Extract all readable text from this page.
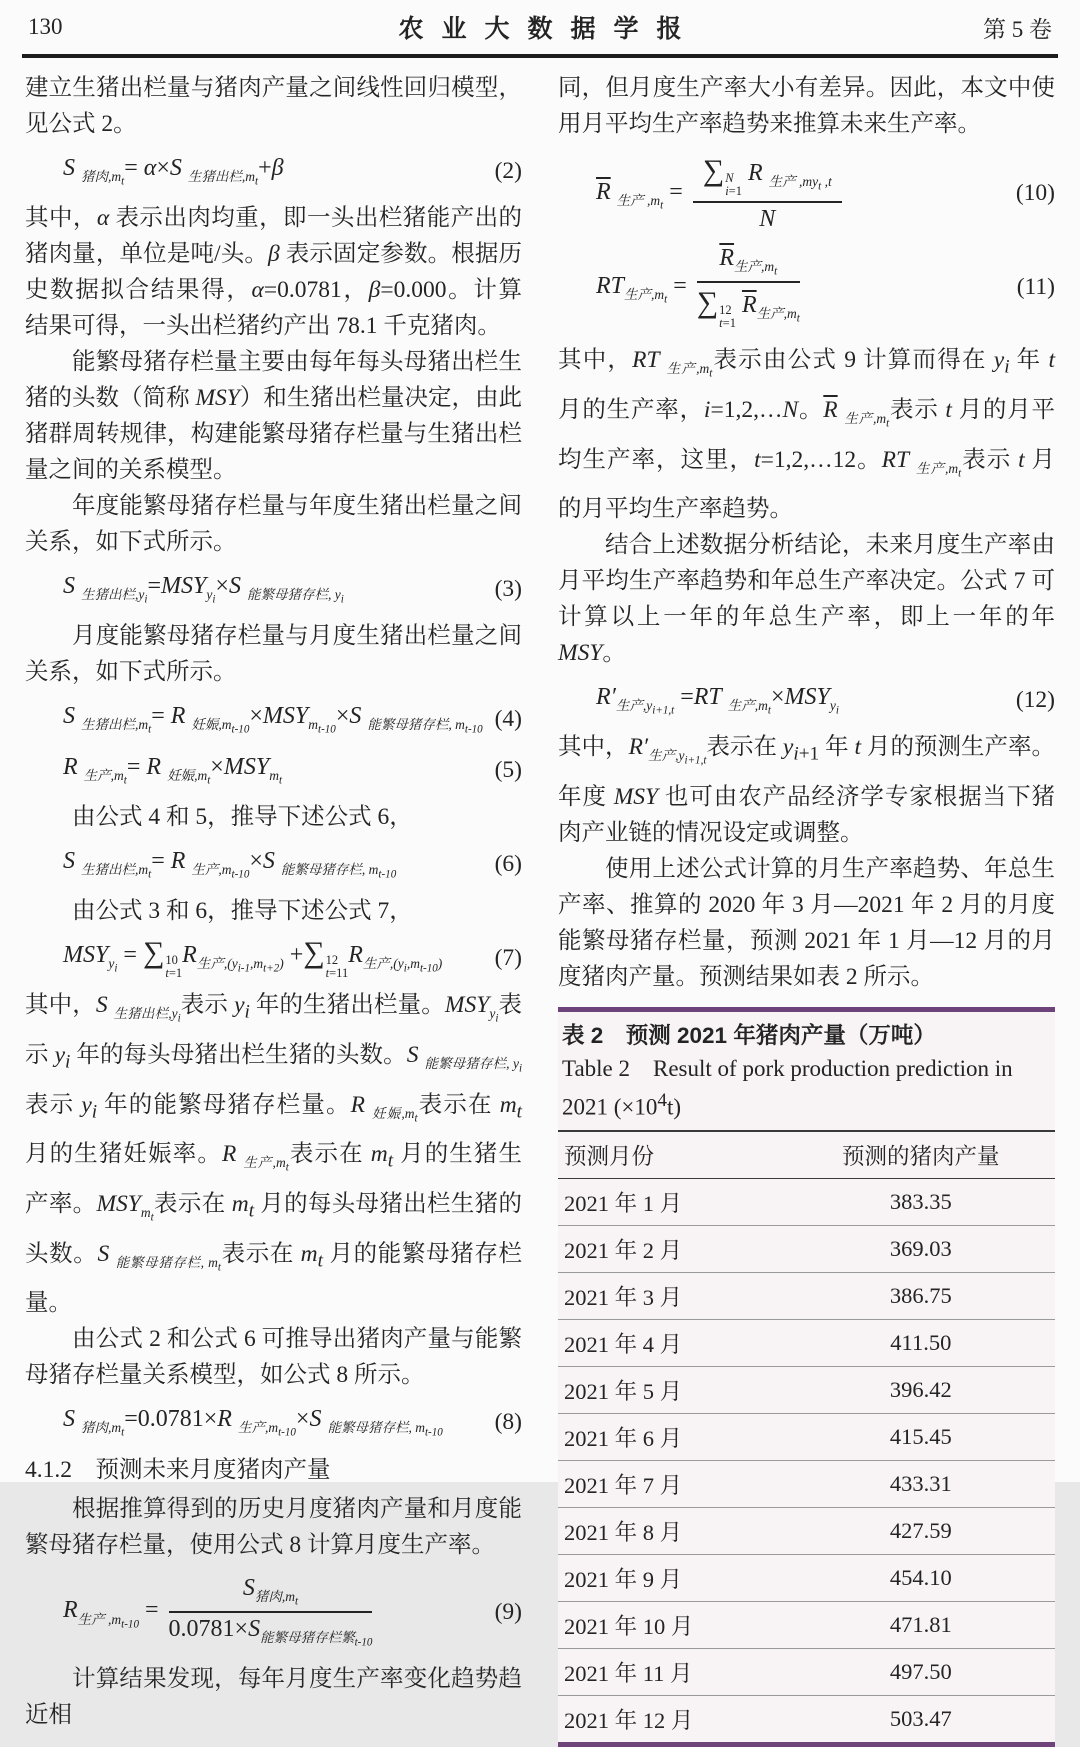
130	农业大数据学报	第 5 卷

建立生猪出栏量与猪肉产量之间线性回归模型，见公式 2。

S $_{猪肉,m_t}$= α×S $_{生猪出栏,m_t}$+β	(2)

其中，α 表示出肉均重，即一头出栏猪能产出的猪肉量，单位是吨/头。β 表示固定参数。根据历史数据拟合结果得，α=0.0781，β=0.000。计算结果可得，一头出栏猪约产出 78.1 千克猪肉。

能繁母猪存栏量主要由每年每头母猪出栏生猪的头数（简称 MSY）和生猪出栏量决定，由此猪群周转规律，构建能繁母猪存栏量与生猪出栏量之间的关系模型。

年度能繁母猪存栏量与年度生猪出栏量之间关系，如下式所示。

S $_{生猪出栏,y_i}=MSY_{y_i}\times S$ $_{能繁母猪存栏, y_i}$	(3)

月度能繁母猪存栏量与月度生猪出栏量之间关系，如下式所示。

S $_{生猪出栏,m_t}$= R $_{妊娠,m_{t-10}}\times MSY_{m_{t-10}}\times S$ $_{能繁母猪存栏, m_{t-10}}$ (4)
R $_{生产,m_t}$= R $_{妊娠,m_t}\times MSY_{m_t}$	(5)

由公式 4 和 5，推导下述公式 6，

S $_{生猪出栏,m_t}$= R $_{生产,m_{t-10}}$×S $_{能繁母猪存栏, m_{t-10}}$	(6)

由公式 3 和 6，推导下述公式 7，

$MSY_{y_i}$ = ∑ 10
t=1
$R_{生产,(y_{i-1},m_{t+2})}$ +∑ 12
t=11
$R_{生产,(y_i,m_{t-10})}$	(7)

其中，S $_{生猪出栏,y_i}$表示 $y_i$ 年的生猪出栏量。$MSY_{y_i}$表示 $y_i$ 年的每头母猪出栏生猪的头数。S $_{能繁母猪存栏, y_i}$表示 $y_i$ 年的能繁母猪存栏量。R $_{妊娠,m_t}$表示在 $m_t$ 月的生猪妊娠率。R $_{生产,m_t}$表示在 $m_t$ 月的生猪生产率。$MSY_{m_t}$表示在 $m_t$ 月的每头母猪出栏生猪的头数。S $_{能繁母猪存栏, m_t}$表示在 $m_t$ 月的能繁母猪存栏量。

由公式 2 和公式 6 可推导出猪肉产量与能繁母猪存栏量关系模型，如公式 8 所示。

S $_{猪肉,m_t}$=0.0781×R $_{生产,m_{t-10}}$×S $_{能繁母猪存栏, m_{t-10}}$	(8)
4.1.2　预测未来月度猪肉产量

根据推算得到的历史月度猪肉产量和月度能繁母猪存栏量，使用公式 8 计算月度生产率。

$R_{生产 ,m_{t-10}} = \frac{S_{猪肉,m_t}}{0.0781\times S_{能繁母猪存栏繁_{t-10}}}$	(9)

计算结果发现，每年月度生产率变化趋势趋近相

同，但月度生产率大小有差异。因此，本文中使用月平均生产率趋势来推算未来生产率。

$\overline{R}$ $_{生产 ,m_t}$ = ∑ N
i=1
R $_{生产 ,my_t ,t}$
N	(10)
$RT_{生产,m_t} = \overline{R}_{生产,m_t}$
∑ 12
t=1
$\overline{R}_{生产,m_t}$	(11)

其中，RT $_{生产,m_t}$表示由公式 9 计算而得在 $y_i$ 年 t 月的生产率，i=1,2,…N。$\overline{R}$ $_{生产,m_t}$表示 t 月的月平均生产率，这里，t=1,2,…12。RT $_{生产,m_t}$表示 t 月的月平均生产率趋势。

结合上述数据分析结论，未来月度生产率由月平均生产率趋势和年总生产率决定。公式 7 可计算以上一年的年总生产率，即上一年的年 MSY。

$R'_{生产,y_{i+1,t}} =RT$ $_{生产,m_t}\times MSY_{y_i}$	(12)

其中，$R'_{生产,y_{i+1,t}}$表示在 $y_{i+1}$ 年 t 月的预测生产率。年度 MSY 也可由农产品经济学专家根据当下猪肉产业链的情况设定或调整。

使用上述公式计算的月生产率趋势、年总生产率、推算的 2020 年 3 月—2021 年 2 月的月度能繁母猪存栏量，预测 2021 年 1 月—12 月的月度猪肉产量。预测结果如表 2 所示。

表 2　预测 2021 年猪肉产量（万吨）
Table 2　Result of pork production prediction in 2021 $(\times 10^4t)$
预测月份	预测的猪肉产量
2021 年 1 月	383.35
2021 年 2 月	369.03
2021 年 3 月	386.75
2021 年 4 月	411.50
2021 年 5 月	396.42
2021 年 6 月	415.45
2021 年 7 月	433.31
2021 年 8 月	427.59
2021 年 9 月	454.10
2021 年 10 月	471.81
2021 年 11 月	497.50
2021 年 12 月	503.47
